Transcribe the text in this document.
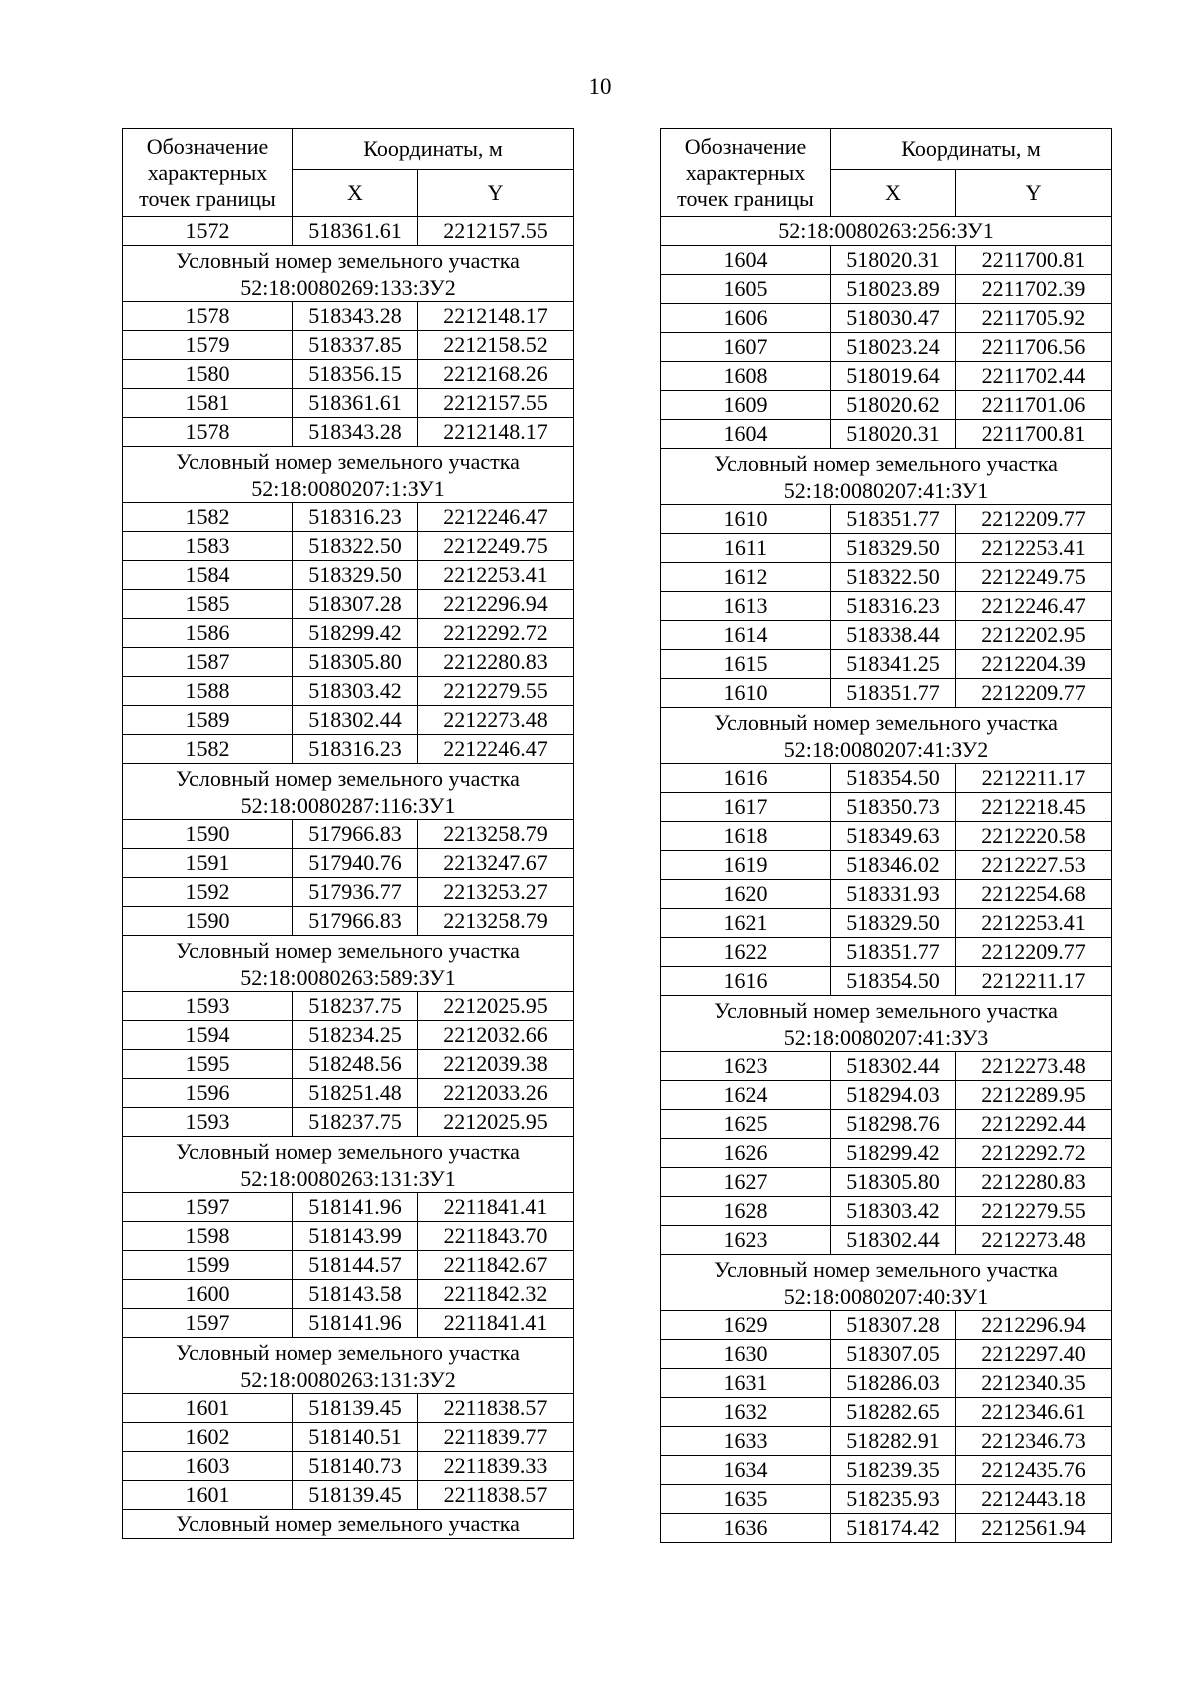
10
Обозначение характерных точек границы	Координаты, м	
	X	Y
1572	518361.61	2212157.55

Условный номер земельного участка
52:18:0080269:133:ЗУ2		

1578	518343.28	2212148.17
1579	518337.85	2212158.52
1580	518356.15	2212168.26
1581	518361.61	2212157.55
1578	518343.28	2212148.17

Условный номер земельного участка
52:18:0080207:1:ЗУ1		

1582	518316.23	2212246.47
1583	518322.50	2212249.75
1584	518329.50	2212253.41
1585	518307.28	2212296.94
1586	518299.42	2212292.72
1587	518305.80	2212280.83
1588	518303.42	2212279.55
1589	518302.44	2212273.48
1582	518316.23	2212246.47

Условный номер земельного участка
52:18:0080287:116:ЗУ1		

1590	517966.83	2213258.79
1591	517940.76	2213247.67
1592	517936.77	2213253.27
1590	517966.83	2213258.79

Условный номер земельного участка
52:18:0080263:589:ЗУ1		

1593	518237.75	2212025.95
1594	518234.25	2212032.66
1595	518248.56	2212039.38
1596	518251.48	2212033.26
1593	518237.75	2212025.95

Условный номер земельного участка
52:18:0080263:131:ЗУ1		

1597	518141.96	2211841.41
1598	518143.99	2211843.70
1599	518144.57	2211842.67
1600	518143.58	2211842.32
1597	518141.96	2211841.41

Условный номер земельного участка
52:18:0080263:131:ЗУ2		

1601	518139.45	2211838.57
1602	518140.51	2211839.77
1603	518140.73	2211839.33
1601	518139.45	2211838.57

Условный номер земельного участка		
Обозначение характерных точек границы	Координаты, м	
	X	Y

52:18:0080263:256:ЗУ1		

1604	518020.31	2211700.81
1605	518023.89	2211702.39
1606	518030.47	2211705.92
1607	518023.24	2211706.56
1608	518019.64	2211702.44
1609	518020.62	2211701.06
1604	518020.31	2211700.81

Условный номер земельного участка
52:18:0080207:41:ЗУ1		

1610	518351.77	2212209.77
1611	518329.50	2212253.41
1612	518322.50	2212249.75
1613	518316.23	2212246.47
1614	518338.44	2212202.95
1615	518341.25	2212204.39
1610	518351.77	2212209.77

Условный номер земельного участка
52:18:0080207:41:ЗУ2		

1616	518354.50	2212211.17
1617	518350.73	2212218.45
1618	518349.63	2212220.58
1619	518346.02	2212227.53
1620	518331.93	2212254.68
1621	518329.50	2212253.41
1622	518351.77	2212209.77
1616	518354.50	2212211.17

Условный номер земельного участка
52:18:0080207:41:ЗУ3		

1623	518302.44	2212273.48
1624	518294.03	2212289.95
1625	518298.76	2212292.44
1626	518299.42	2212292.72
1627	518305.80	2212280.83
1628	518303.42	2212279.55
1623	518302.44	2212273.48

Условный номер земельного участка
52:18:0080207:40:ЗУ1		

1629	518307.28	2212296.94
1630	518307.05	2212297.40
1631	518286.03	2212340.35
1632	518282.65	2212346.61
1633	518282.91	2212346.73
1634	518239.35	2212435.76
1635	518235.93	2212443.18
1636	518174.42	2212561.94
